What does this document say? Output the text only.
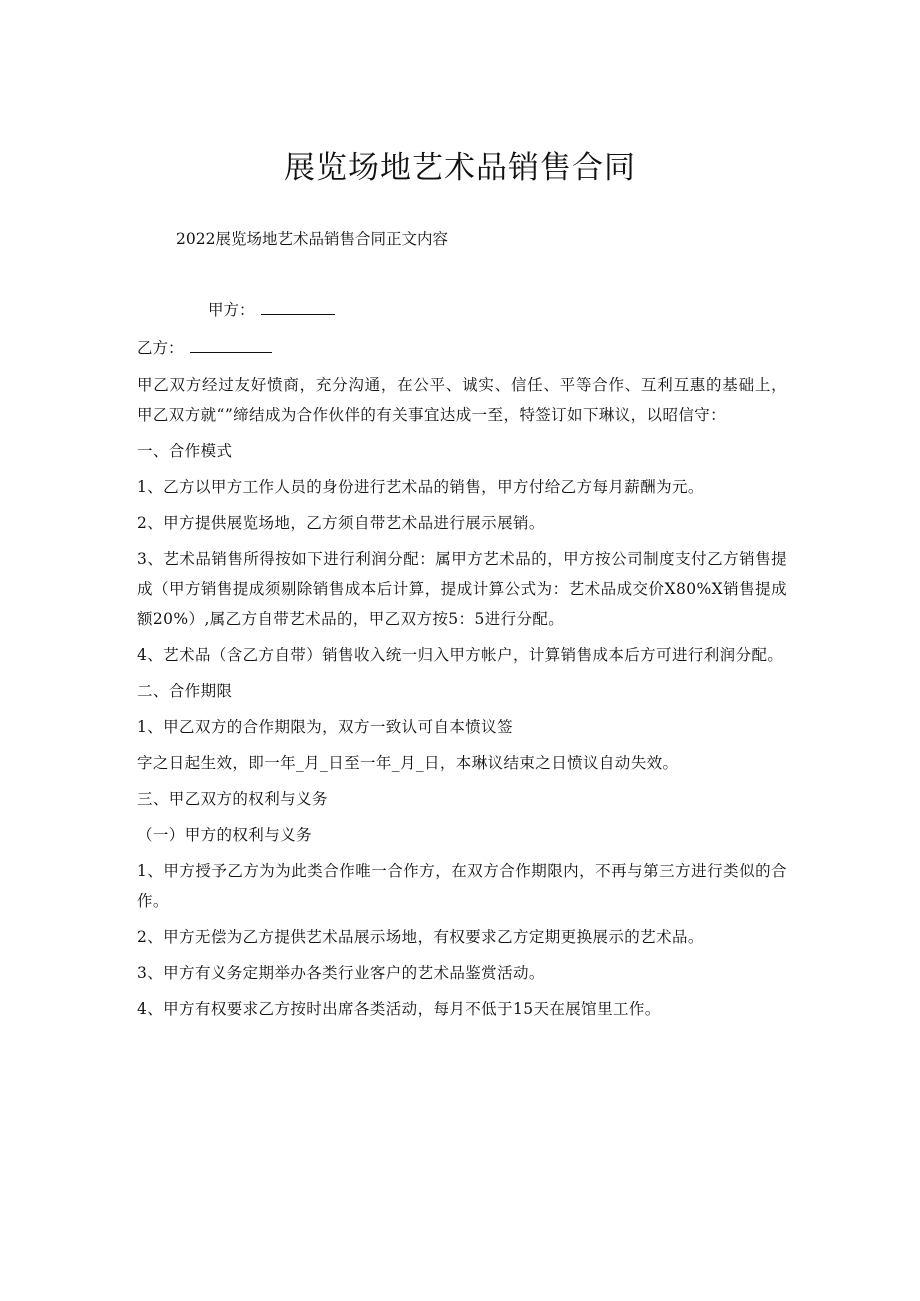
展览场地艺术品销售合同
2022展览场地艺术品销售合同正文内容
甲方：
乙方：

甲乙双方经过友好愤商，充分沟通，在公平、诚实、信任、平等合作、互利互惠的基础上，甲乙双方就“”缔结成为合作伙伴的有关事宜达成一至，特签订如下琳议，以昭信守：

一、合作模式

1、乙方以甲方工作人员的身份进行艺术品的销售，甲方付给乙方每月薪酬为元。

2、甲方提供展览场地，乙方须自带艺术品进行展示展销。

3、艺术品销售所得按如下进行利润分配：属甲方艺术品的，甲方按公司制度支付乙方销售提成（甲方销售提成须剔除销售成本后计算，提成计算公式为：艺术品成交价X80%X销售提成额20%）,属乙方自带艺术品的，甲乙双方按5：5进行分配。

4、艺术品（含乙方自带）销售收入统一归入甲方帐户，计算销售成本后方可进行利润分配。

二、合作期限

1、甲乙双方的合作期限为，双方一致认可自本愤议签

字之日起生效，即一年_月_日至一年_月_日，本琳议结束之日愤议自动失效。

三、甲乙双方的权利与义务

（一）甲方的权利与义务

1、甲方授予乙方为为此类合作唯一合作方，在双方合作期限内，不再与第三方进行类似的合作。

2、甲方无偿为乙方提供艺术品展示场地，有权要求乙方定期更换展示的艺术品。

3、甲方有义务定期举办各类行业客户的艺术品鉴赏活动。

4、甲方有权要求乙方按时出席各类活动，每月不低于15天在展馆里工作。
